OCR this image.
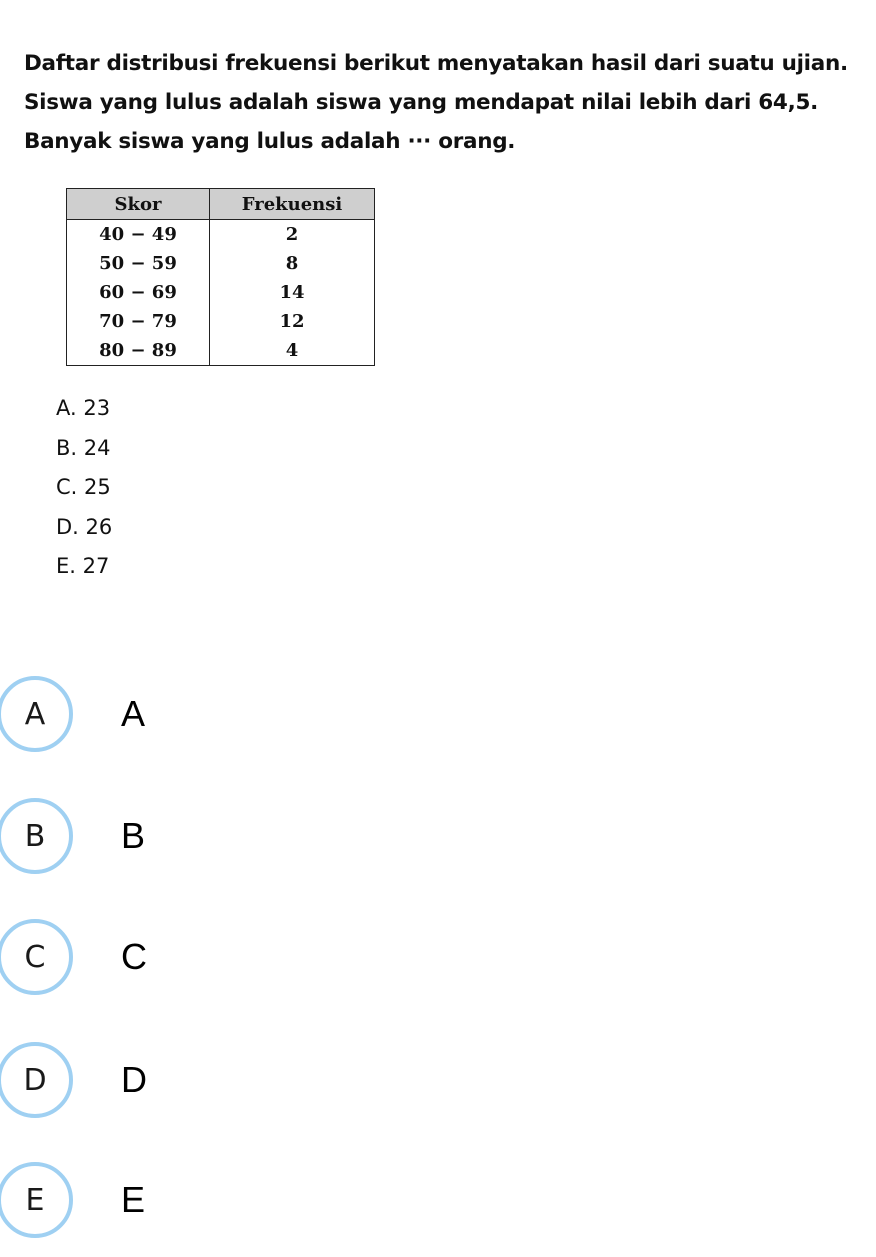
Daftar distribusi frekuensi berikut menyatakan hasil dari suatu ujian.

Siswa yang lulus adalah siswa yang mendapat nilai lebih dari 64,5.

Banyak siswa yang lulus adalah ··· orang.

Skor	Frekuensi
40 − 49	2
50 − 59	8
60 − 69	14
70 − 79	12
80 − 89	4
A. 23
B. 24
C. 25
D. 26
E. 27
A	A
B	B
C	C
D	D
E	E
